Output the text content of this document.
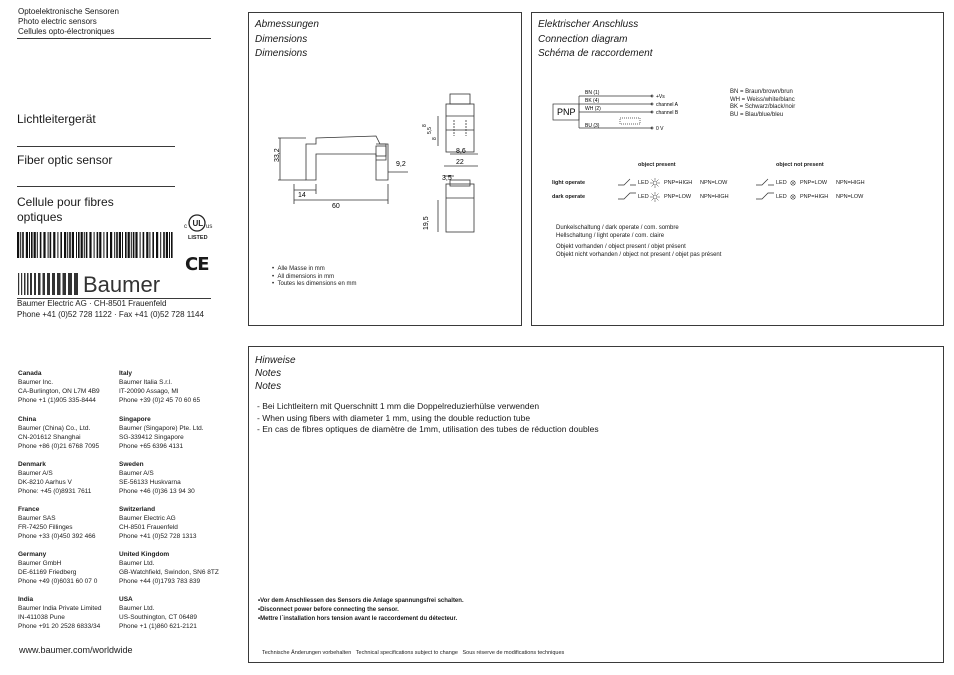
Optoelektronische Sensoren
Photo electric sensors
Cellules opto-électroniques
Lichtleitergerät
Fiber optic sensor
Cellule pour fibres optiques	UL
c	us
LISTED
CE
Baumer
Baumer Electric AG · CH-8501 Frauenfeld
Phone +41 (0)52 728 1122 · Fax +41 (0)52 728 1144
Abmessungen
Dimensions
Dimensions
33,2
9,2
14
60
22
8,6
3,5
19,5
8
5,5
8
•  Alle Masse in mm
•  All dimensions in mm
•  Toutes les dimensions en mm
Elektrischer Anschluss
Connection diagram
Schéma de raccordement
PNP
BN (1)
BK (4)
WH (2)
BU (3)
+Vs
channel A
channel B
0 V
BN = Braun/brown/brun
WH = Weiss/white/blanc
BK = Schwarz/black/noir
BU = Blau/blue/bleu
object present	object not present
light operate	LED	PNP=HIGH NPN=LOW	LED PNP=LOW NPN=HIGH
dark operate	LED	PNP=LOW NPN=HIGH	LED PNP=HIGH NPN=LOW
Dunkelschaltung / dark operate / com. sombre
Hellschaltung / light operate / com. claire
Objekt vorhanden / object present / objet présent
Objekt nicht vorhanden / object not present / objet pas présent
Canada
Baumer Inc.
CA-Burlington, ON L7M 4B9
Phone +1 (1)905 335-8444
Italy
Baumer Italia S.r.l.
IT-20090 Assago, MI
Phone +39 (0)2 45 70 60 65
China
Baumer (China) Co., Ltd.
CN-201612 Shanghai
Phone +86 (0)21 6768 7095
Singapore
Baumer (Singapore) Pte. Ltd.
SG-339412 Singapore
Phone +65 6396 4131
Denmark
Baumer A/S
DK-8210 Aarhus V
Phone: +45 (0)8931 7611
Sweden
Baumer A/S
SE-56133 Huskvarna
Phone +46 (0)36 13 94 30
France
Baumer SAS
FR-74250 Fillinges
Phone +33 (0)450 392 466
Switzerland
Baumer Electric AG
CH-8501 Frauenfeld
Phone +41 (0)52 728 1313
Germany
Baumer GmbH
DE-61169 Friedberg
Phone +49 (0)6031 60 07 0
United Kingdom
Baumer Ltd.
GB-Watchfield, Swindon, SN6 8TZ
Phone +44 (0)1793 783 839
India
Baumer India Private Limited
IN-411038 Pune
Phone +91 20 2528 6833/34
USA
Baumer Ltd.
US-Southington, CT 06489
Phone +1 (1)860 621-2121
www.baumer.com/worldwide
Hinweise
Notes
Notes
- Bei Lichtleitern mit Querschnitt 1 mm die Doppelreduzierhülse verwenden
- When using fibers with diameter 1 mm, using the double reduction tube
- En cas de fibres optiques de diamètre de 1mm, utilisation des tubes de réduction doubles
•Vor dem Anschliessen des Sensors die Anlage spannungsfrei schalten.
•Disconnect power before connecting the sensor.
•Mettre l´installation hors tension avant le raccordement du détecteur.
Technische Änderungen vorbehalten   Technical specifications subject to change   Sous réserve de modifications techniques
